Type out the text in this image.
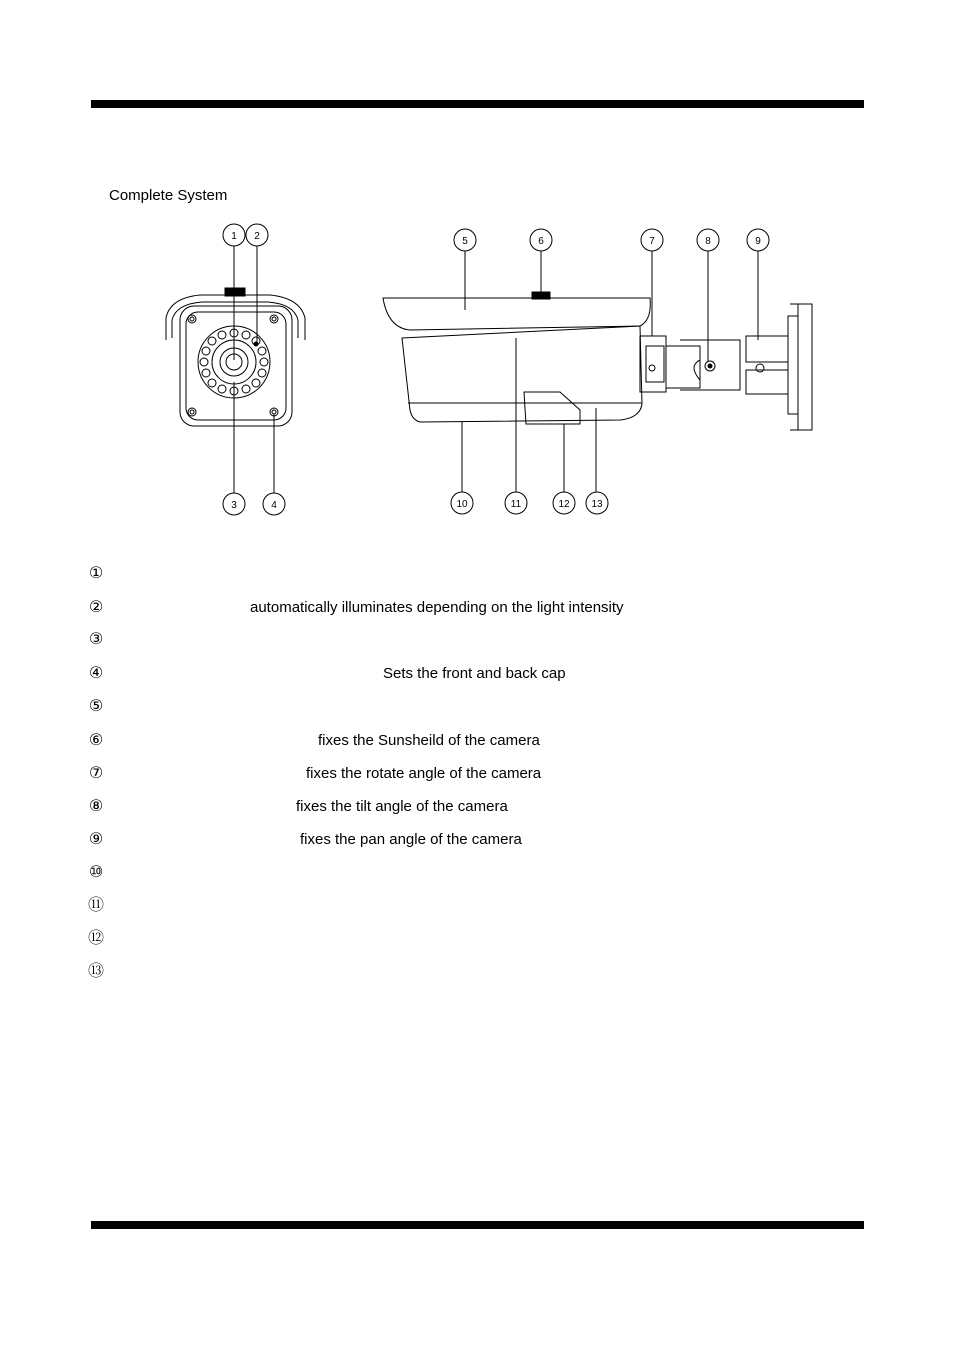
Complete System
1 2
3	4
5	6	7	8	9
10	11	12 13
①
②	automatically illuminates depending on the light intensity
③
④	Sets the front and back cap
⑤
⑥	fixes the Sunsheild of the camera
⑦	fixes the rotate angle of the camera
⑧	fixes the tilt angle of the camera
⑨	fixes the pan angle of the camera
⑩
⑪
⑫
⑬
